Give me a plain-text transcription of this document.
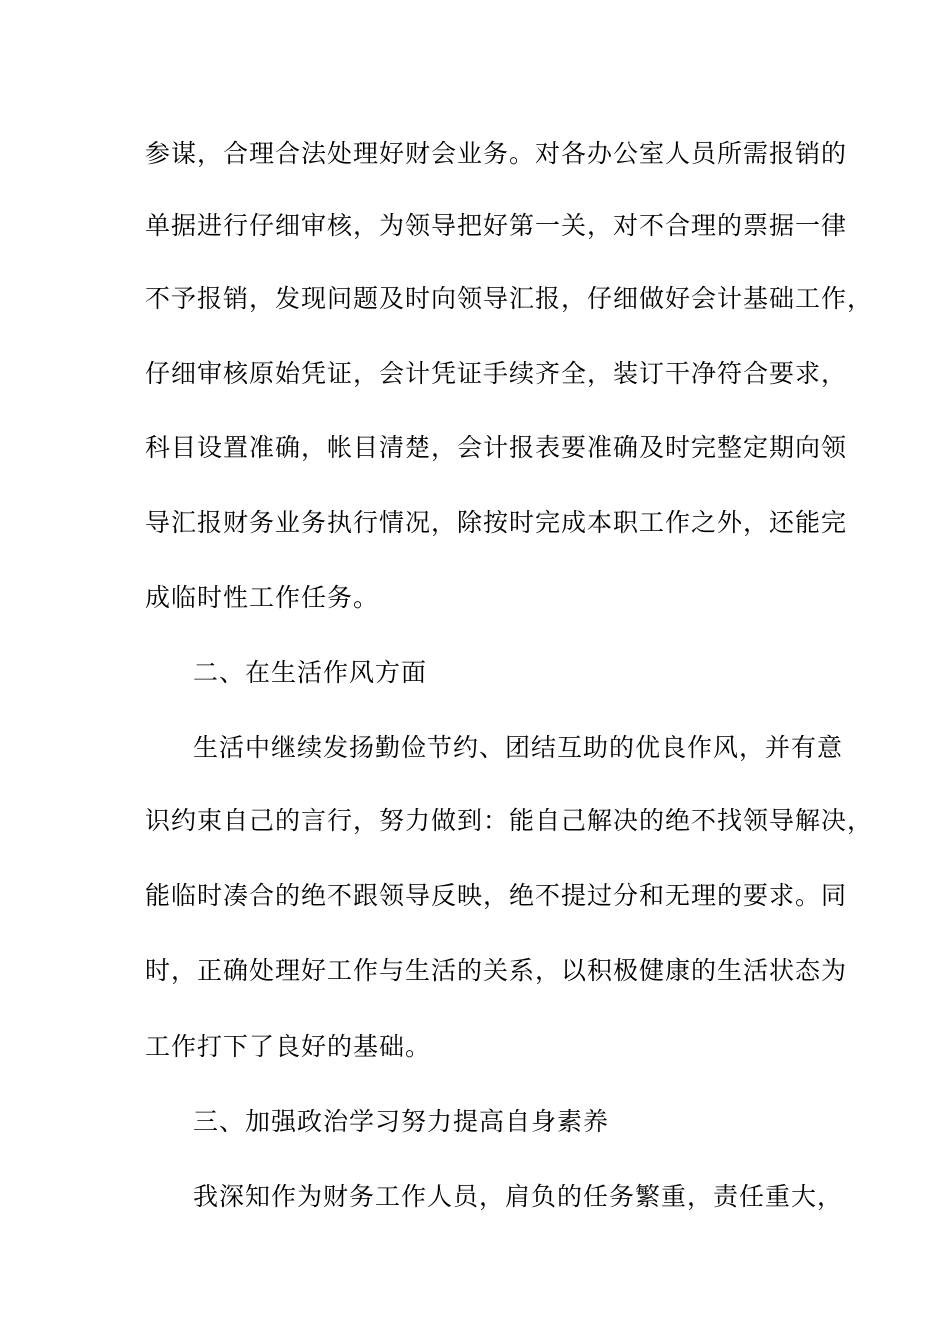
参谋，合理合法处理好财会业务。对各办公室人员所需报销的
单据进行仔细审核，为领导把好第一关，对不合理的票据一律
不予报销，发现问题及时向领导汇报，仔细做好会计基础工作，
仔细审核原始凭证，会计凭证手续齐全，装订干净符合要求，
科目设置准确，帐目清楚，会计报表要准确及时完整定期向领
导汇报财务业务执行情况，除按时完成本职工作之外，还能完
成临时性工作任务。
二、在生活作风方面
生活中继续发扬勤俭节约、团结互助的优良作风，并有意
识约束自己的言行，努力做到：能自己解决的绝不找领导解决，
能临时凑合的绝不跟领导反映，绝不提过分和无理的要求。同
时，正确处理好工作与生活的关系，以积极健康的生活状态为
工作打下了良好的基础。
三、加强政治学习努力提高自身素养
我深知作为财务工作人员，肩负的任务繁重，责任重大，
